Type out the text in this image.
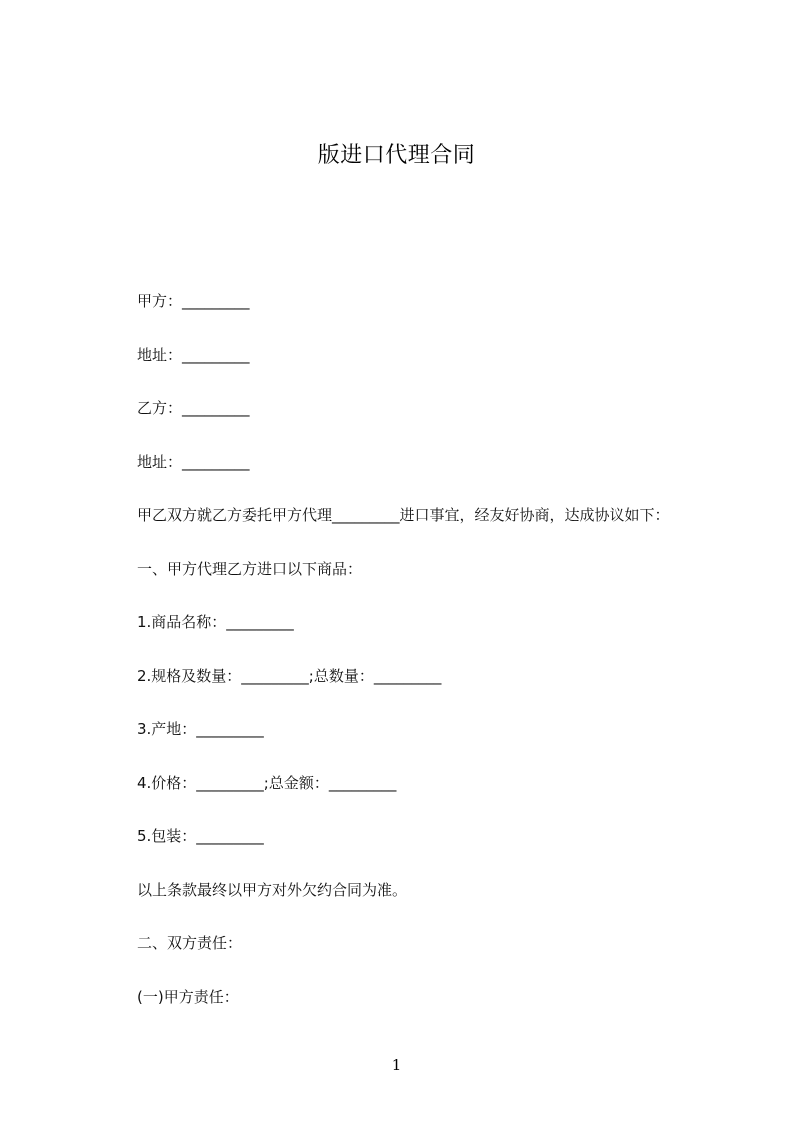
版进口代理合同
甲方：_________
地址：_________
乙方：_________
地址：_________
甲乙双方就乙方委托甲方代理_________进口事宜，经友好协商，达成协议如下：
一、甲方代理乙方进口以下商品：
1.商品名称：_________
2.规格及数量：_________;总数量：_________
3.产地：_________
4.价格：_________;总金额：_________
5.包装：_________
以上条款最终以甲方对外欠约合同为准。
二、双方责任：
(一)甲方责任：
1
